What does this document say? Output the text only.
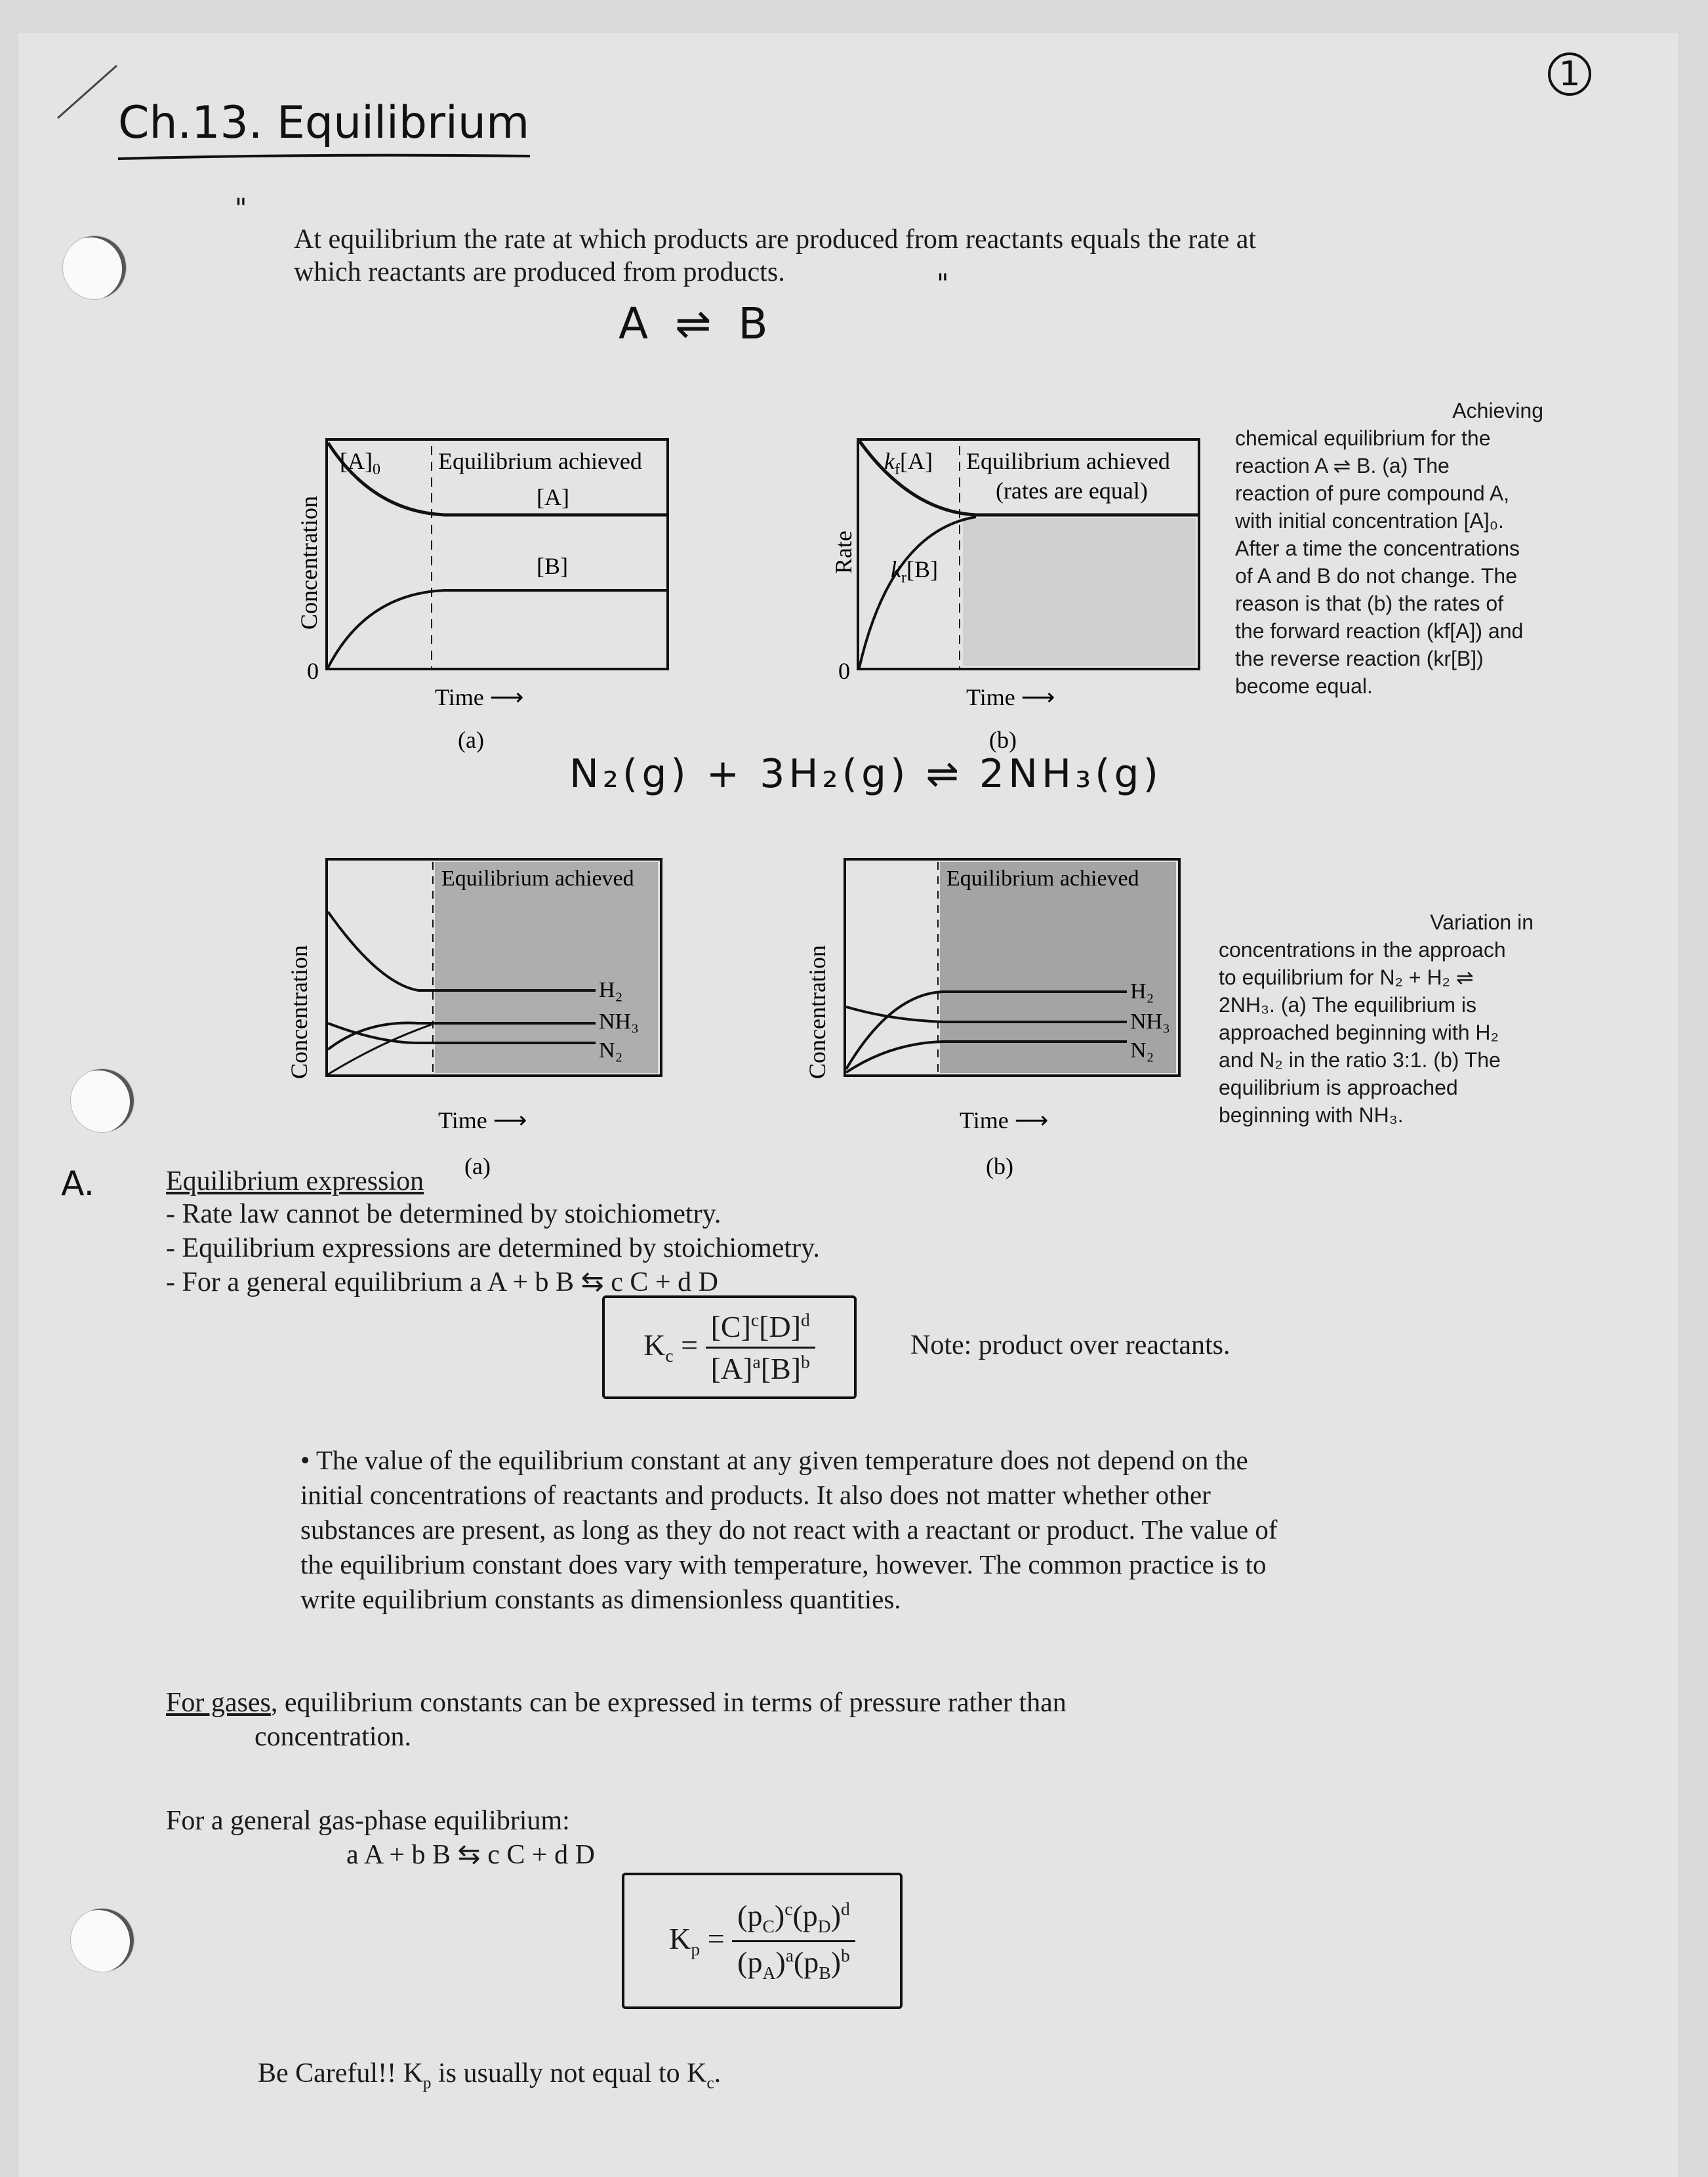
1
Ch.13. Equilibrium
"
At equilibrium the rate at which products are produced from reactants equals the rate at which reactants are produced from products.	"
A ⇌ B
Concentration
0
$[A]_0$ Equilibrium achieved
[A]
[B]
Time ⟶
(a)
Rate
0
$k_f[A]$
$k_r[B]$
Equilibrium achieved
(rates are equal)
Time ⟶
(b)
Achieving
chemical equilibrium for the
reaction A ⇌ B. (a) The
reaction of pure compound A,
with initial concentration [A]₀.
After a time the concentrations
of A and B do not change. The
reason is that (b) the rates of
the forward reaction (kf[A]) and
the reverse reaction (kr[B])
become equal.
N₂(g) + 3H₂(g) ⇌ 2NH₃(g)
Concentration
Equilibrium achieved
H₂
NH₃
N₂
Time ⟶
(a)
Concentration
Equilibrium achieved
H₂
NH₃
N₂
Time ⟶
(b)
Variation in
concentrations in the approach
to equilibrium for N₂ + H₂ ⇌
2NH₃. (a) The equilibrium is
approached beginning with H₂
and N₂ in the ratio 3:1. (b) The
equilibrium is approached
beginning with NH₃.
A.	Equilibrium expression
- Rate law cannot be determined by stoichiometry.
- Equilibrium expressions are determined by stoichiometry.
- For a general equilibrium a A + b B ⇆ c C + d D
$K_c = \frac{[C]^c[D]^d}{[A]^a[B]^b}$	Note: product over reactants.
• The value of the equilibrium constant at any given temperature does not depend on the initial concentrations of reactants and products. It also does not matter whether other substances are present, as long as they do not react with a reactant or product. The value of the equilibrium constant does vary with temperature, however. The common practice is to write equilibrium constants as dimensionless quantities.
For gases, equilibrium constants can be expressed in terms of pressure rather than
concentration.
For a general gas-phase equilibrium:
a A + b B ⇆ c C + d D
$K_p = \frac{(p_C)^c(p_D)^d}{(p_A)^a(p_B)^b}$
Be Careful!! $K_p$ is usually not equal to $K_c$.
